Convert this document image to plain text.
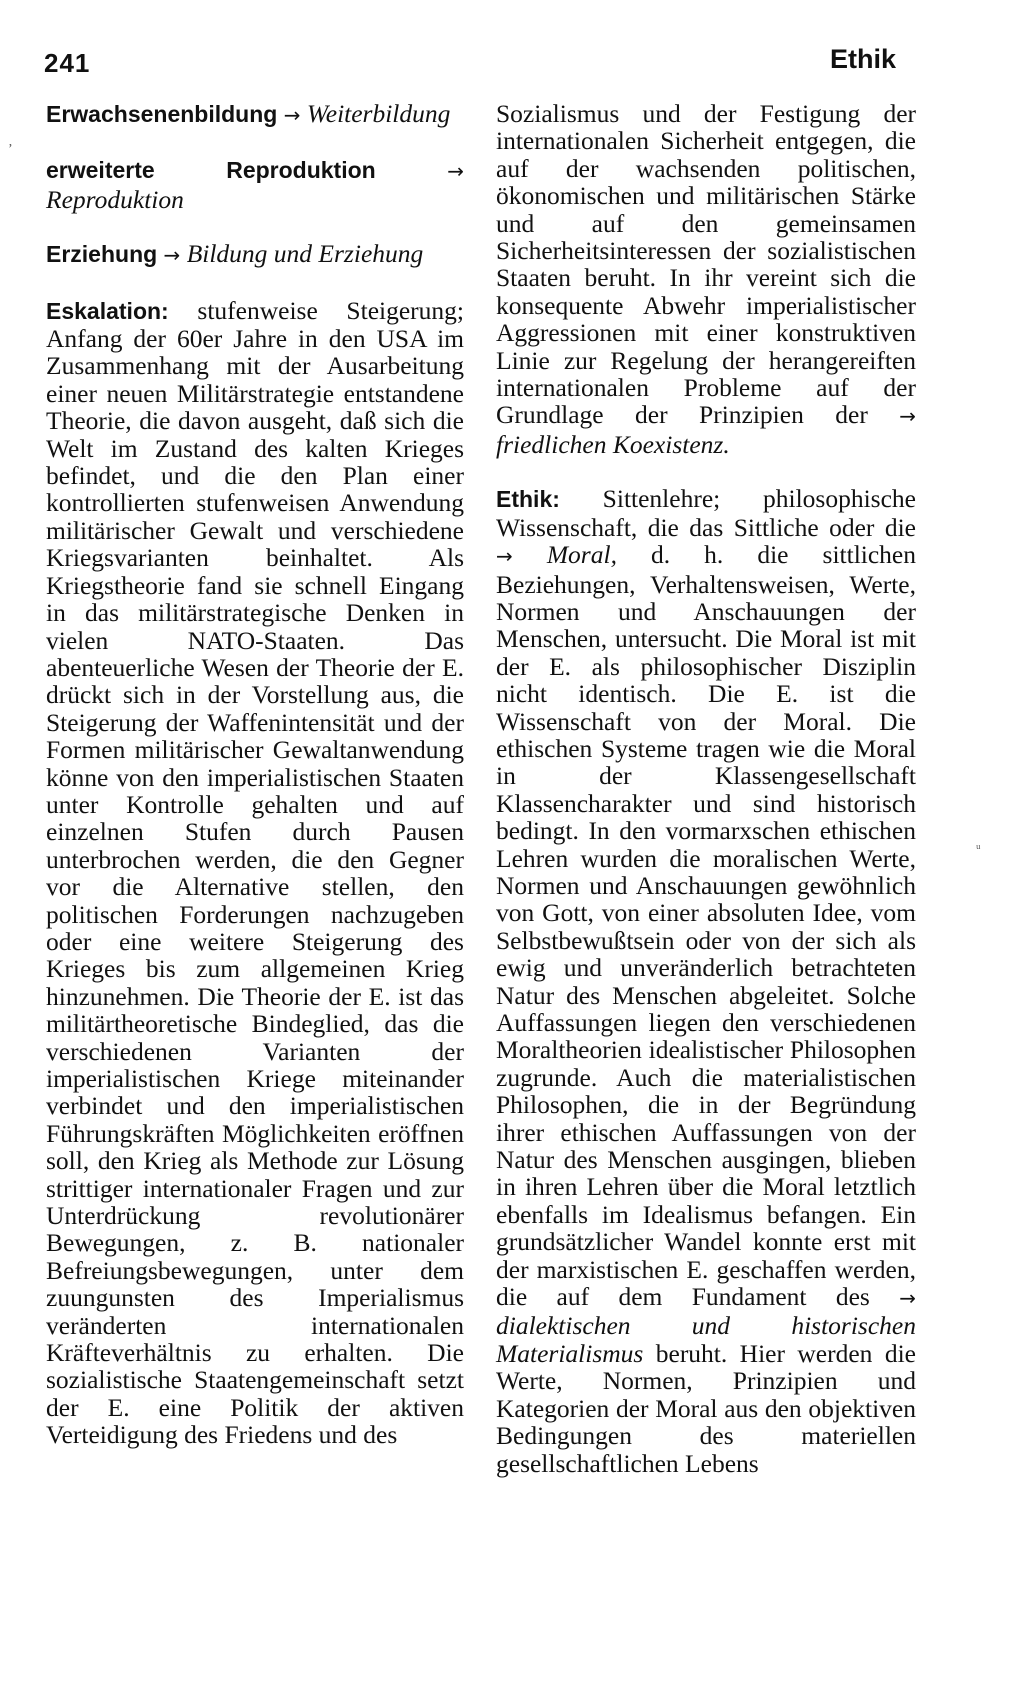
241	Ethik
ʼ
ᵘ

Erwachsenenbildung → Weiterbildung

erweiterte Reproduktion	→ Reproduktion

Erziehung → Bildung und Erziehung

Eskalation: stufenweise Steigerung; Anfang der 60er Jahre in den USA im Zusammenhang mit der Ausarbeitung einer neuen Militärstrategie entstandene Theorie, die davon ausgeht, daß sich die Welt im Zustand des kalten Krieges befindet, und die den Plan einer kontrollierten stufenweisen Anwendung militärischer Gewalt und verschiedene Kriegsvarianten beinhaltet. Als Kriegstheorie fand sie schnell Eingang in das militärstrategische Denken in vielen NATO-Staaten. Das abenteuerliche Wesen der Theorie der E. drückt sich in der Vorstellung aus, die Steigerung der Waffenintensität und der Formen militärischer Gewaltanwendung könne von den imperialistischen Staaten unter Kontrolle gehalten und auf einzelnen Stufen durch Pausen unterbrochen werden, die den Gegner vor die Alternative stellen, den politischen Forderungen nachzugeben oder eine weitere Steigerung des Krieges bis zum allgemeinen Krieg hinzunehmen. Die Theorie der E. ist das militärtheoretische Bindeglied, das die verschiedenen Varianten der imperialistischen Kriege miteinander verbindet und den imperialistischen Führungskräften Möglichkeiten eröffnen soll, den Krieg als Methode zur Lösung strittiger internationaler Fragen und zur Unterdrückung revolutionärer Bewegungen, z. B. nationaler Befreiungsbewegungen, unter dem zuungunsten des Imperialismus veränderten internationalen Kräfteverhältnis zu erhalten. Die sozialistische Staatengemeinschaft setzt der E. eine Politik der aktiven Verteidigung des Friedens und des

Sozialismus und der Festigung der internationalen Sicherheit entgegen, die auf der wachsenden politischen, ökonomischen und militärischen Stärke und auf den gemeinsamen Sicherheitsinteressen der sozialistischen Staaten beruht. In ihr vereint sich die konsequente Abwehr imperialistischer Aggressionen mit einer konstruktiven Linie zur Regelung der herangereiften internationalen Probleme auf der Grundlage der Prinzipien der → friedlichen Koexistenz.

Ethik: Sittenlehre; philosophische Wissenschaft, die das Sittliche oder die → Moral, d. h. die sittlichen Beziehungen, Verhaltensweisen, Werte, Normen und Anschauungen der Menschen, untersucht. Die Moral ist mit der E. als philosophischer Disziplin nicht identisch. Die E. ist die Wissenschaft von der Moral. Die ethischen Systeme tragen wie die Moral in der Klassengesellschaft Klassencharakter und sind historisch bedingt. In den vormarxschen ethischen Lehren wurden die moralischen Werte, Normen und Anschauungen gewöhnlich von Gott, von einer absoluten Idee, vom Selbstbewußtsein oder von der sich als ewig und unveränderlich betrachteten Natur des Menschen abgeleitet. Solche Auffassungen liegen den verschiedenen Moraltheorien idealistischer Philosophen zugrunde. Auch die materialistischen Philosophen, die in der Begründung ihrer ethischen Auffassungen von der Natur des Menschen ausgingen, blieben in ihren Lehren über die Moral letztlich ebenfalls im Idealismus befangen. Ein grundsätzlicher Wandel konnte erst mit der marxistischen E. geschaffen werden, die auf dem Fundament des → dialektischen und historischen Materialismus beruht. Hier werden die Werte, Normen, Prinzipien und Kategorien der Moral aus den objektiven Bedingungen des materiellen gesellschaftlichen Lebens
